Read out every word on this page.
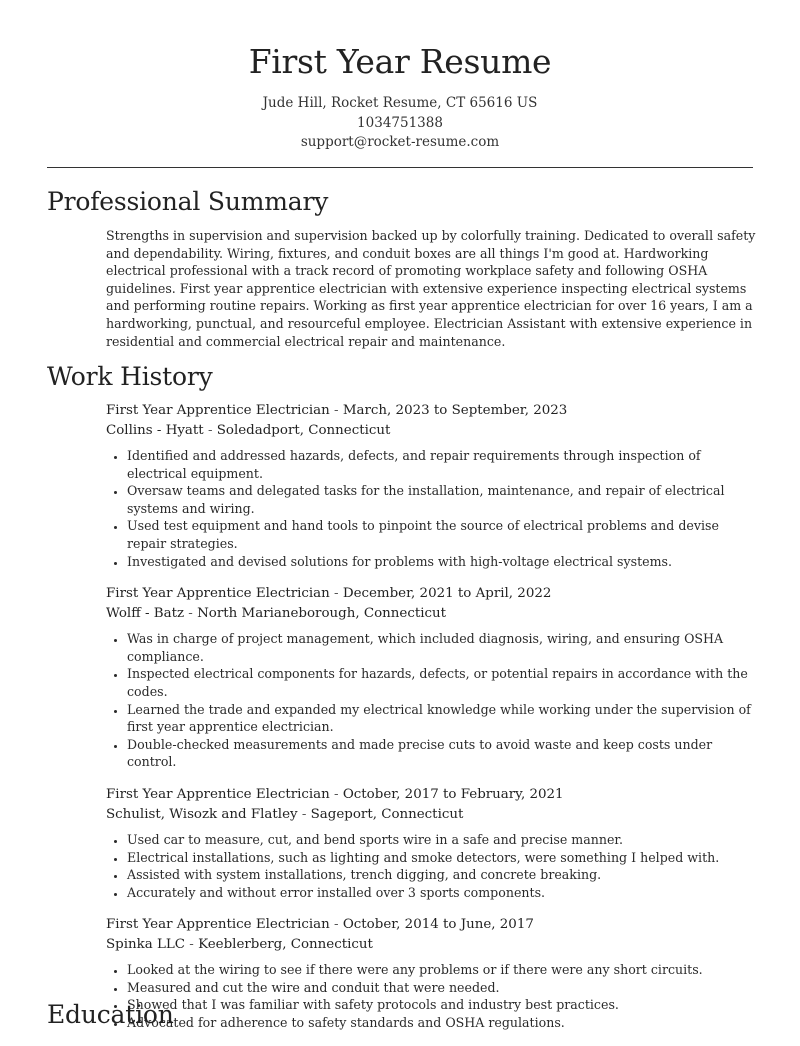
First Year Resume
Jude Hill, Rocket Resume, CT 65616 US
1034751388
support@rocket-resume.com
Professional Summary

Strengths in supervision and supervision backed up by colorfully training. Dedicated to overall safety and dependability. Wiring, fixtures, and conduit boxes are all things I'm good at. Hardworking electrical professional with a track record of promoting workplace safety and following OSHA guidelines. First year apprentice electrician with extensive experience inspecting electrical systems and performing routine repairs. Working as first year apprentice electrician for over 16 years, I am a hardworking, punctual, and resourceful employee. Electrician Assistant with extensive experience in residential and commercial electrical repair and maintenance.

Work History
First Year Apprentice Electrician - March, 2023 to September, 2023
Collins - Hyatt - Soledadport, Connecticut
• Identified and addressed hazards, defects, and repair requirements through inspection of electrical equipment.
• Oversaw teams and delegated tasks for the installation, maintenance, and repair of electrical systems and wiring.
• Used test equipment and hand tools to pinpoint the source of electrical problems and devise repair strategies.
• Investigated and devised solutions for problems with high-voltage electrical systems.
First Year Apprentice Electrician - December, 2021 to April, 2022
Wolff - Batz - North Marianeborough, Connecticut
• Was in charge of project management, which included diagnosis, wiring, and ensuring OSHA compliance.
• Inspected electrical components for hazards, defects, or potential repairs in accordance with the codes.
• Learned the trade and expanded my electrical knowledge while working under the supervision of first year apprentice electrician.
• Double-checked measurements and made precise cuts to avoid waste and keep costs under control.
First Year Apprentice Electrician - October, 2017 to February, 2021
Schulist, Wisozk and Flatley - Sageport, Connecticut
• Used car to measure, cut, and bend sports wire in a safe and precise manner.
• Electrical installations, such as lighting and smoke detectors, were something I helped with.
• Assisted with system installations, trench digging, and concrete breaking.
• Accurately and without error installed over 3 sports components.
First Year Apprentice Electrician - October, 2014 to June, 2017
Spinka LLC - Keeblerberg, Connecticut
• Looked at the wiring to see if there were any problems or if there were any short circuits.
• Measured and cut the wire and conduit that were needed.
• Showed that I was familiar with safety protocols and industry best practices.
• Advocated for adherence to safety standards and OSHA regulations.
Education
